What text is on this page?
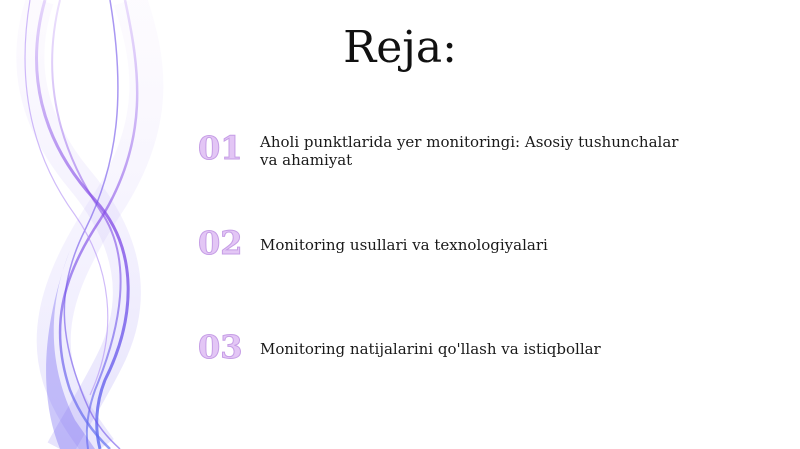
Reja:
01 Aholi punktlarida yer monitoringi: Asosiy tushunchalar va ahamiyat
02 Monitoring usullari va texnologiyalari
03 Monitoring natijalarini qo'llash va istiqbollar
